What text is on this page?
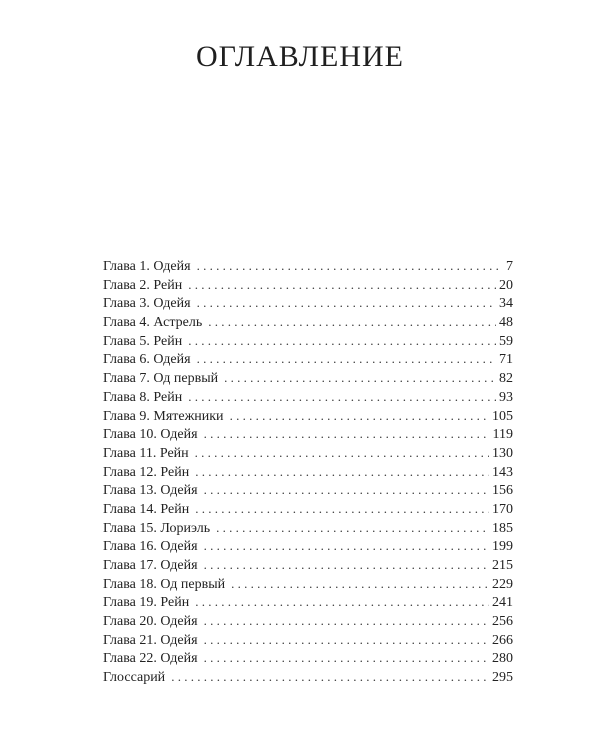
ОГЛАВЛЕНИЕ
Глава 1. Одейя . . .	7
Глава 2. Рейн . . .	20
Глава 3. Одейя . . .	34
Глава 4. Астрель . . .	48
Глава 5. Рейн . . .	59
Глава 6. Одейя . . .	71
Глава 7. Од первый . . .	82
Глава 8. Рейн . . .	93
Глава 9. Мятежники . . .	105
Глава 10. Одейя . . .	119
Глава 11. Рейн . . .	130
Глава 12. Рейн . . .	143
Глава 13. Одейя . . .	156
Глава 14. Рейн . . .	170
Глава 15. Лориэль . . .	185
Глава 16. Одейя . . .	199
Глава 17. Одейя . . .	215
Глава 18. Од первый . . .	229
Глава 19. Рейн . . .	241
Глава 20. Одейя . . .	256
Глава 21. Одейя . . .	266
Глава 22. Одейя . . .	280
Глоссарий . . .	295
